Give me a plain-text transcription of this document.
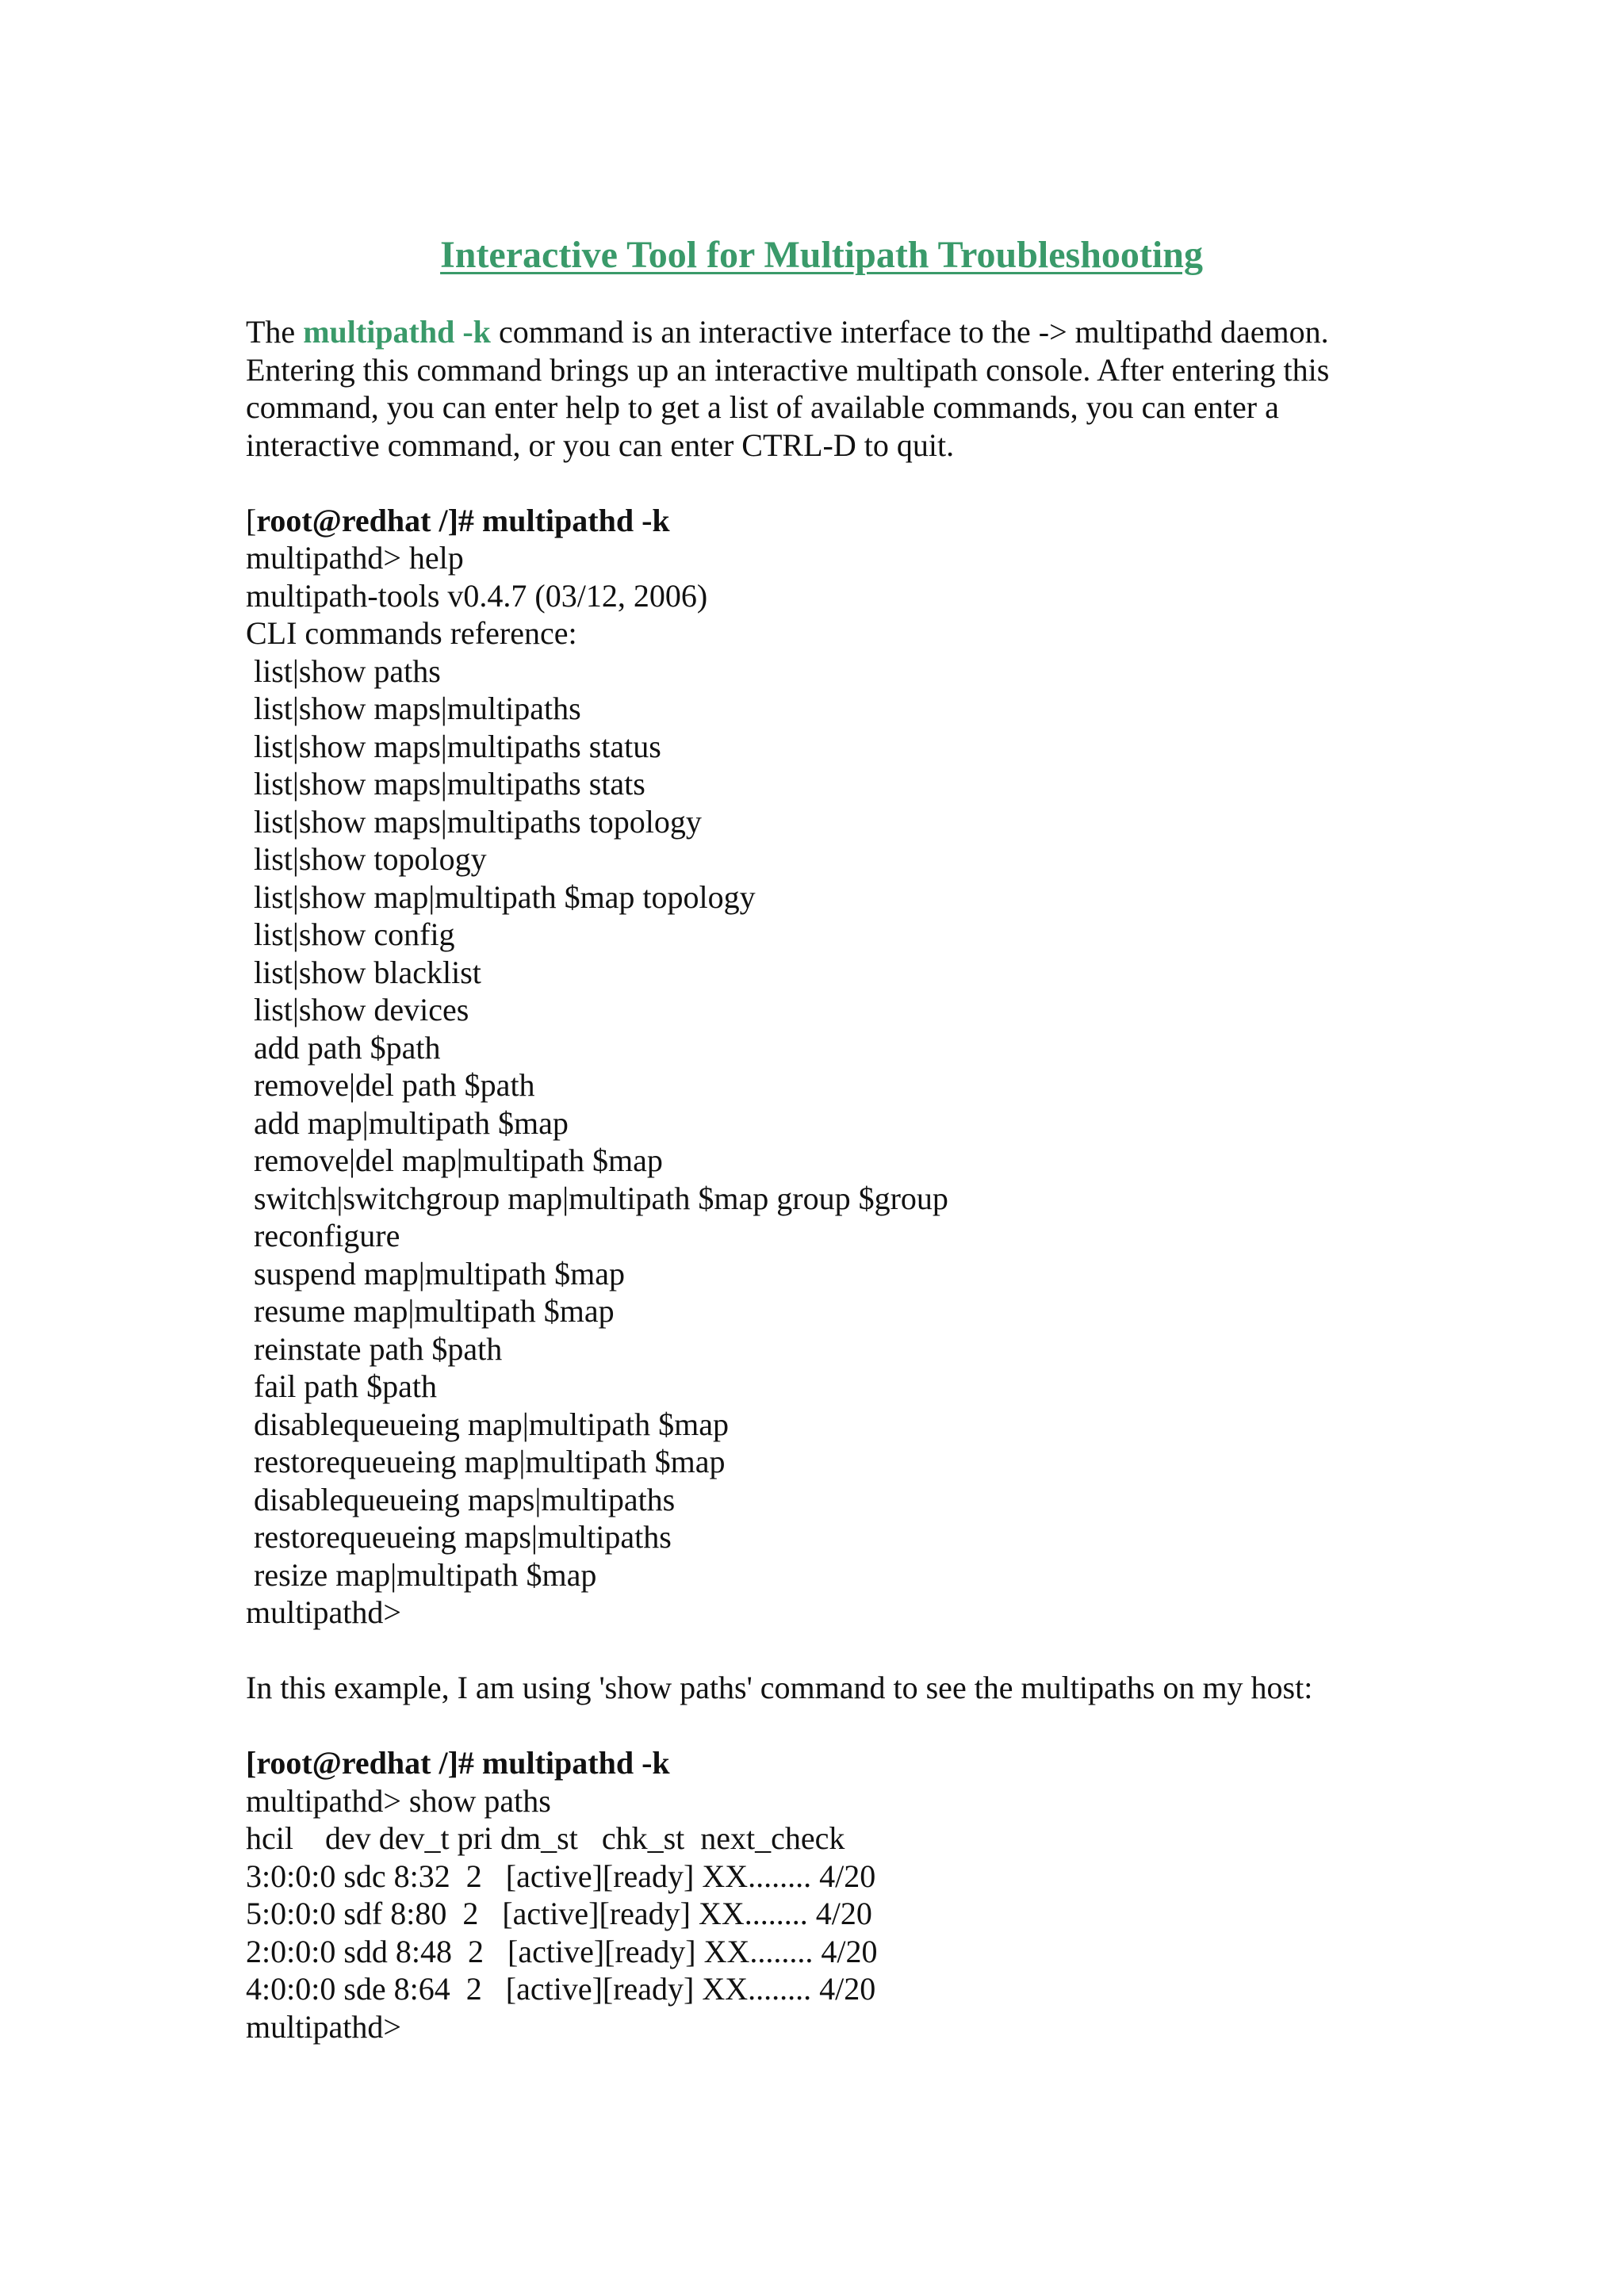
Interactive Tool for Multipath Troubleshooting
The multipathd -k command is an interactive interface to the -> multipathd daemon.
Entering this command brings up an interactive multipath console. After entering this
command, you can enter help to get a list of available commands, you can enter a
interactive command, or you can enter CTRL-D to quit.
[root@redhat /]# multipathd -k
multipathd> help
multipath-tools v0.4.7 (03/12, 2006)
CLI commands reference:
list|show paths
list|show maps|multipaths
list|show maps|multipaths status
list|show maps|multipaths stats
list|show maps|multipaths topology
list|show topology
list|show map|multipath $map topology
list|show config
list|show blacklist
list|show devices
add path $path
remove|del path $path
add map|multipath $map
remove|del map|multipath $map
switch|switchgroup map|multipath $map group $group
reconfigure
suspend map|multipath $map
resume map|multipath $map
reinstate path $path
fail path $path
disablequeueing map|multipath $map
restorequeueing map|multipath $map
disablequeueing maps|multipaths
restorequeueing maps|multipaths
resize map|multipath $map
multipathd>
In this example, I am using 'show paths' command to see the multipaths on my host:
[root@redhat /]# multipathd -k
multipathd> show paths
hcil    dev dev_t pri dm_st   chk_st  next_check
3:0:0:0 sdc 8:32  2   [active][ready] XX........ 4/20
5:0:0:0 sdf 8:80  2   [active][ready] XX........ 4/20
2:0:0:0 sdd 8:48  2   [active][ready] XX........ 4/20
4:0:0:0 sde 8:64  2   [active][ready] XX........ 4/20
multipathd>
